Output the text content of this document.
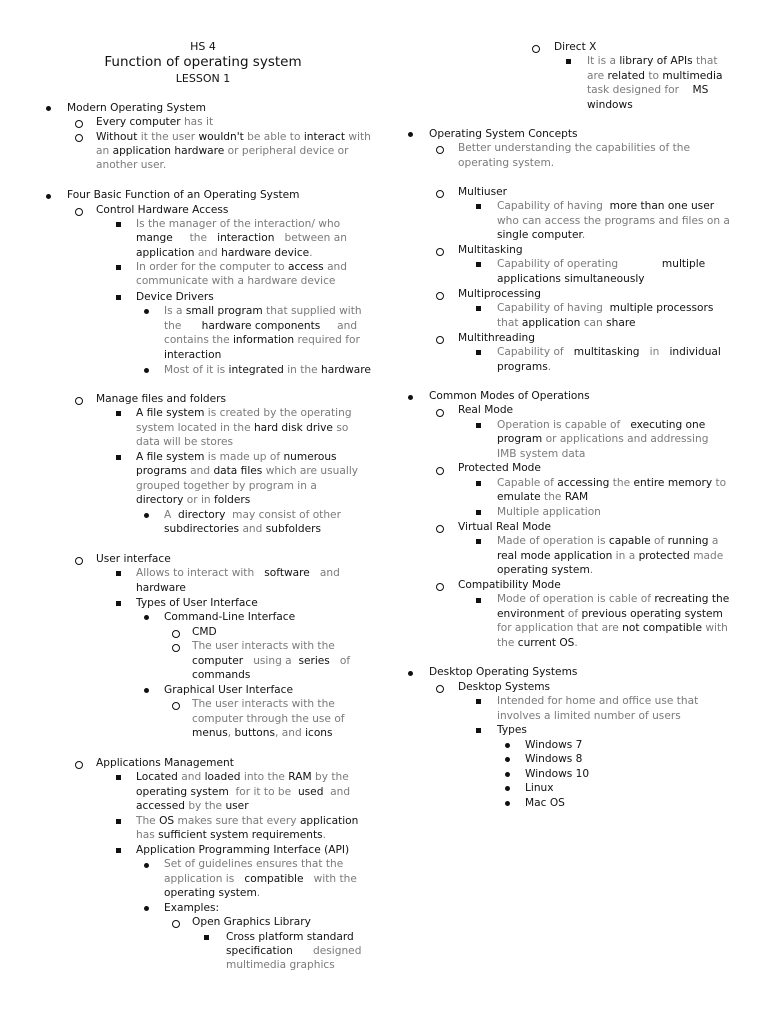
HS 4
Function of operating system
LESSON 1
Modern Operating System
Every computer has it
Without it the user wouldn't be able to interact with
an application hardware or peripheral device or
another user.
Four Basic Function of an Operating System
Control Hardware Access
Is the manager of the interaction/ who
mange the interaction between an
application and hardware device.
In order for the computer to access and
communicate with a hardware device
Device Drivers
Is a small program that supplied with
the hardware components and
contains the information required for
interaction
Most of it is integrated in the hardware
Manage files and folders
A file system is created by the operating
system located in the hard disk drive so
data will be stores
A file system is made up of numerous
programs and data files which are usually
grouped together by program in a
directory or in folders
A directory may consist of other
subdirectories and subfolders
User interface
Allows to interact with software and
hardware
Types of User Interface
Command-Line Interface
CMD
The user interacts with the
computer using a series of
commands
Graphical User Interface
The user interacts with the
computer through the use of
menus, buttons, and icons
Applications Management
Located and loaded into the RAM by the
operating system for it to be used and
accessed by the user
The OS makes sure that every application
has sufficient system requirements.
Application Programming Interface (API)
Set of guidelines ensures that the
application is compatible with the
operating system.
Examples:
Open Graphics Library
Cross platform standard
specification designed
multimedia graphics
Direct X
It is a library of APIs that
are related to multimedia
task designed for MS
windows
Operating System Concepts
Better understanding the capabilities of the
operating system.
Multiuser
Capability of having more than one user
who can access the programs and files on a
single computer.
Multitasking
Capability of operating	multiple
applications simultaneously
Multiprocessing
Capability of having multiple processors
that application can share
Multithreading
Capability of multitasking in individual
programs.
Common Modes of Operations
Real Mode
Operation is capable of executing one
program or applications and addressing
IMB system data
Protected Mode
Capable of accessing the entire memory to
emulate the RAM
Multiple application
Virtual Real Mode
Made of operation is capable of running a
real mode application in a protected made
operating system.
Compatibility Mode
Mode of operation is cable of recreating the
environment of previous operating system
for application that are not compatible with
the current OS.
Desktop Operating Systems
Desktop Systems
Intended for home and office use that
involves a limited number of users
Types
Windows 7
Windows 8
Windows 10
Linux
Mac OS
